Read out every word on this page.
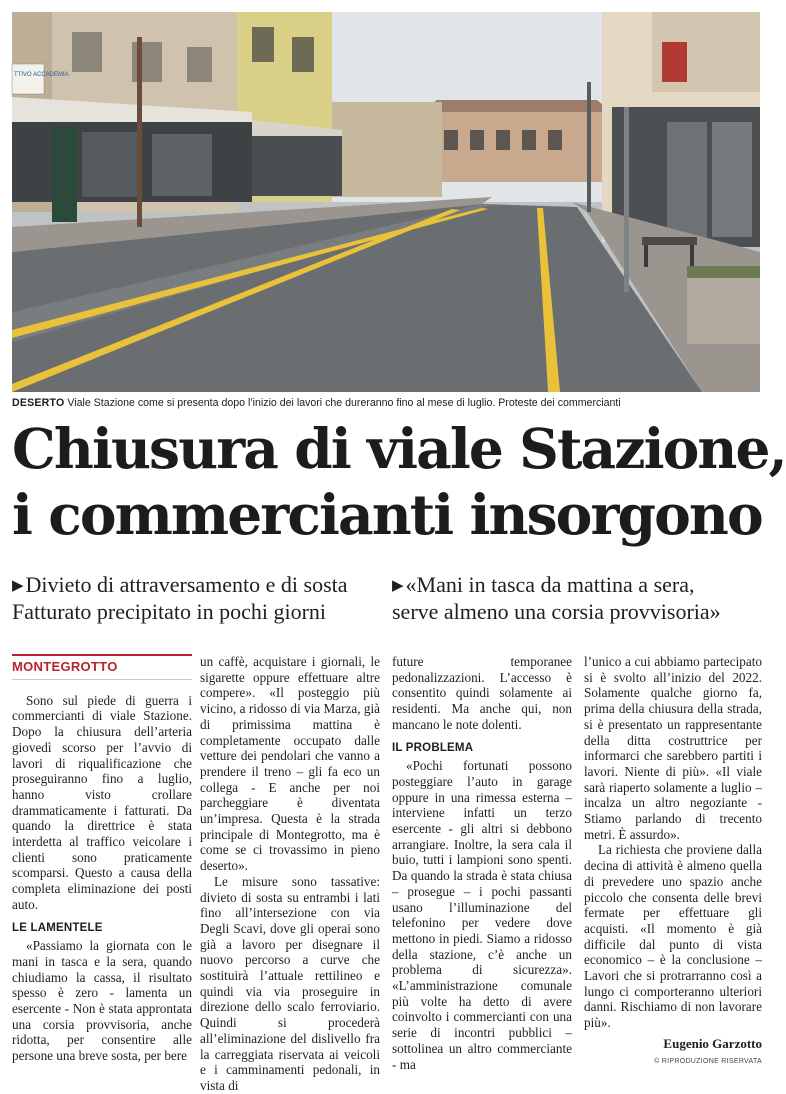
TTIVO ACCADEMIA
DESERTO Viale Stazione come si presenta dopo l’inizio dei lavori che dureranno fino al mese di luglio. Proteste dei commercianti
Chiusura di viale Stazione,
i commercianti insorgono
▶Divieto di attraversamento e di sosta
Fatturato precipitato in pochi giorni
▶«Mani in tasca da mattina a sera,
serve almeno una corsia provvisoria»
MONTEGROTTO

Sono sul piede di guerra i commercianti di viale Stazione. Dopo la chiusura dell’arteria giovedì scorso per l’avvio di lavori di riqualificazione che proseguiranno fino a luglio, hanno visto crollare drammaticamente i fatturati. Da quando la direttrice è stata interdetta al traffico veicolare i clienti sono praticamente scomparsi. Questo a causa della completa eliminazione dei posti auto.

LE LAMENTELE

«Passiamo la giornata con le mani in tasca e la sera, quando chiudiamo la cassa, il risultato spesso è zero - lamenta un esercente - Non è stata approntata una corsia provvisoria, anche ridotta, per consentire alle persone una breve sosta, per bere

un caffè, acquistare i giornali, le sigarette oppure effettuare altre compere». «Il posteggio più vicino, a ridosso di via Marza, già di primissima mattina è completamente occupato dalle vetture dei pendolari che vanno a prendere il treno – gli fa eco un collega - E anche per noi parcheggiare è diventata un’impresa. Questa è la strada principale di Montegrotto, ma è come se ci trovassimo in pieno deserto».

Le misure sono tassative: divieto di sosta su entrambi i lati fino all’intersezione con via Degli Scavi, dove gli operai sono già a lavoro per disegnare il nuovo percorso a curve che sostituirà l’attuale rettilineo e quindi via via proseguire in direzione dello scalo ferroviario. Quindi si procederà all’eliminazione del dislivello fra la carreggiata riservata ai veicoli e i camminamenti pedonali, in vista di

future temporanee pedonalizzazioni. L’accesso è consentito quindi solamente ai residenti. Ma anche qui, non mancano le note dolenti.

IL PROBLEMA

«Pochi fortunati possono posteggiare l’auto in garage oppure in una rimessa esterna – interviene infatti un terzo esercente - gli altri si debbono arrangiare. Inoltre, la sera cala il buio, tutti i lampioni sono spenti. Da quando la strada è stata chiusa – prosegue – i pochi passanti usano l’illuminazione del telefonino per vedere dove mettono in piedi. Siamo a ridosso della stazione, c’è anche un problema di sicurezza». «L’amministrazione comunale più volte ha detto di avere coinvolto i commercianti con una serie di incontri pubblici – sottolinea un altro commerciante - ma

l’unico a cui abbiamo partecipato si è svolto all’inizio del 2022. Solamente qualche giorno fa, prima della chiusura della strada, si è presentato un rappresentante della ditta costruttrice per informarci che sarebbero partiti i lavori. Niente di più». «Il viale sarà riaperto solamente a luglio – incalza un altro negoziante - Stiamo parlando di trecento metri. È assurdo».

La richiesta che proviene dalla decina di attività è almeno quella di prevedere uno spazio anche piccolo che consenta delle brevi fermate per effettuare gli acquisti. «Il momento è già difficile dal punto di vista economico – è la conclusione – Lavori che si protrarranno così a lungo ci comporteranno ulteriori danni. Rischiamo di non lavorare più».

Eugenio Garzotto
© RIPRODUZIONE RISERVATA
